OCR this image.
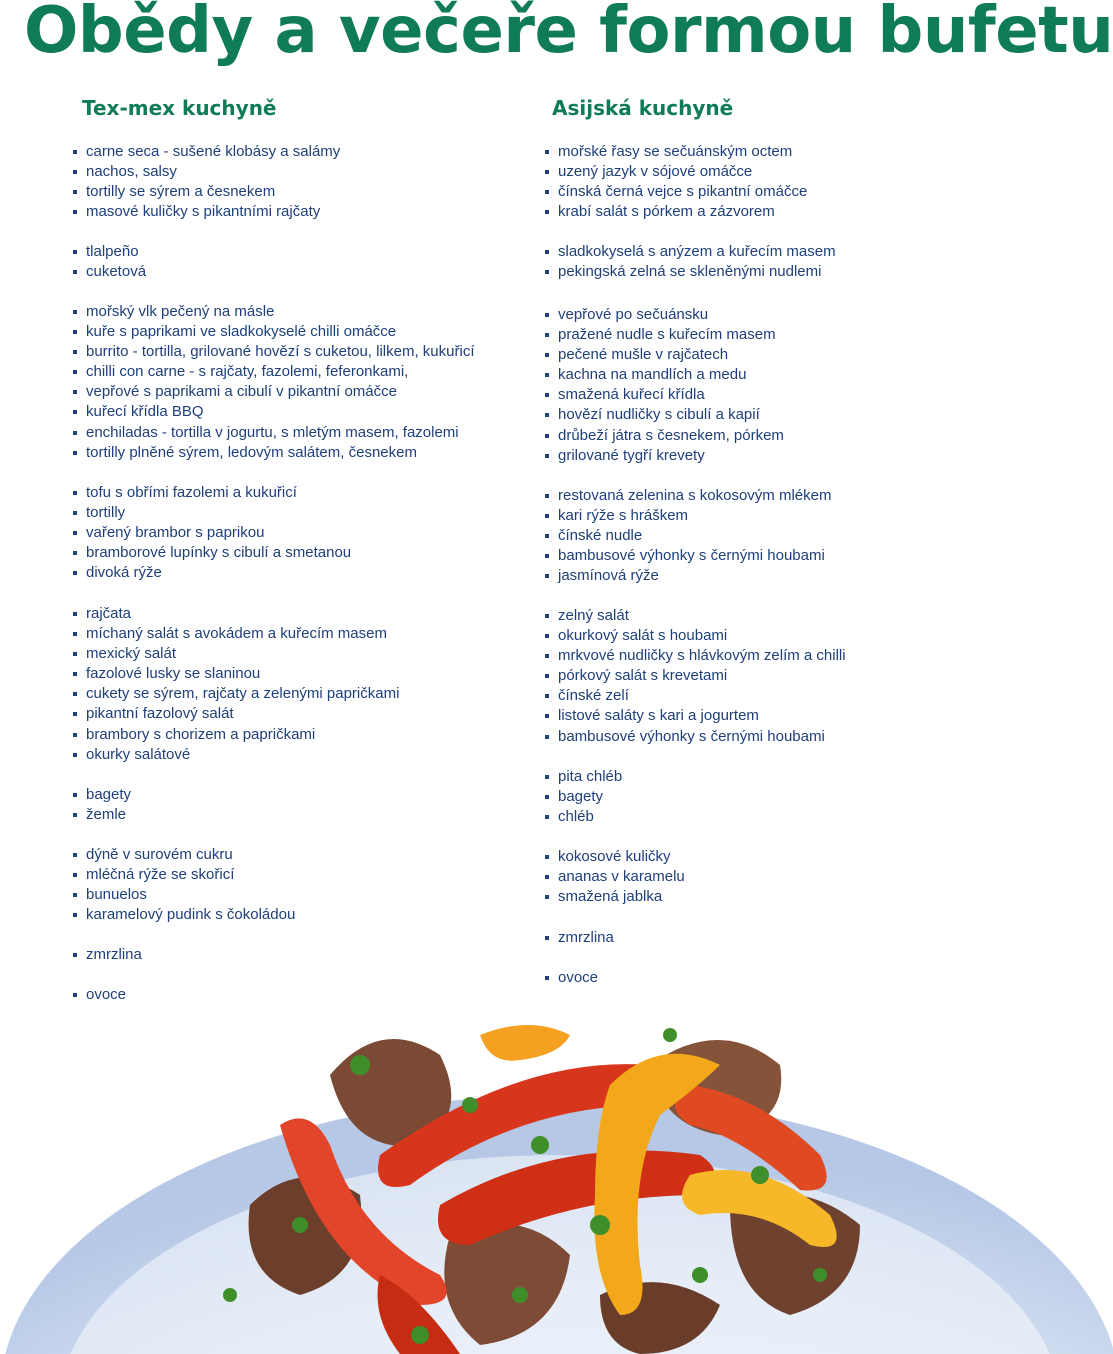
Obědy a večeře formou bufetu
Tex-mex kuchyně
carne seca - sušené klobásy a salámy
nachos, salsy
tortilly se sýrem a česnekem
masové kuličky s pikantními rajčaty
tlalpeño
cuketová
mořský vlk pečený na másle
kuře s paprikami ve sladkokyselé chilli omáčce
burrito - tortilla, grilované hovězí s cuketou, lilkem, kukuřicí
chilli con carne - s rajčaty, fazolemi, feferonkami,
vepřové s paprikami a cibulí v pikantní omáčce
kuřecí křídla BBQ
enchiladas - tortilla v jogurtu, s mletým masem, fazolemi
tortilly plněné sýrem, ledovým salátem, česnekem
tofu s obřími fazolemi a kukuřicí
tortilly
vařený brambor s paprikou
bramborové lupínky s cibulí a smetanou
divoká rýže
rajčata
míchaný salát s avokádem a kuřecím masem
mexický salát
fazolové lusky se slaninou
cukety se sýrem, rajčaty a zelenými papričkami
pikantní fazolový salát
brambory s chorizem a papričkami
okurky salátové
bagety
žemle
dýně v surovém cukru
mléčná rýže se skořicí
bunuelos
karamelový pudink s čokoládou
zmrzlina
ovoce
Asijská kuchyně
mořské řasy se sečuánským octem
uzený jazyk v sójové omáčce
čínská černá vejce s pikantní omáčce
krabí salát s pórkem a zázvorem
sladkokyselá s anýzem a kuřecím masem
pekingská zelná se skleněnými nudlemi
vepřové po sečuánsku
pražené nudle s kuřecím masem
pečené mušle v rajčatech
kachna na mandlích a medu
smažená kuřecí křídla
hovězí nudličky s cibulí a kapií
drůbeží játra s česnekem, pórkem
grilované tygří krevety
restovaná zelenina s kokosovým mlékem
kari rýže s hráškem
čínské nudle
bambusové výhonky s černými houbami
jasmínová rýže
zelný salát
okurkový salát s houbami
mrkvové nudličky s hlávkovým zelím a chilli
pórkový salát s krevetami
čínské zelí
listové saláty s kari a jogurtem
bambusové výhonky s černými houbami
pita chléb
bagety
chléb
kokosové kuličky
ananas v karamelu
smažená jablka
zmrzlina
ovoce
